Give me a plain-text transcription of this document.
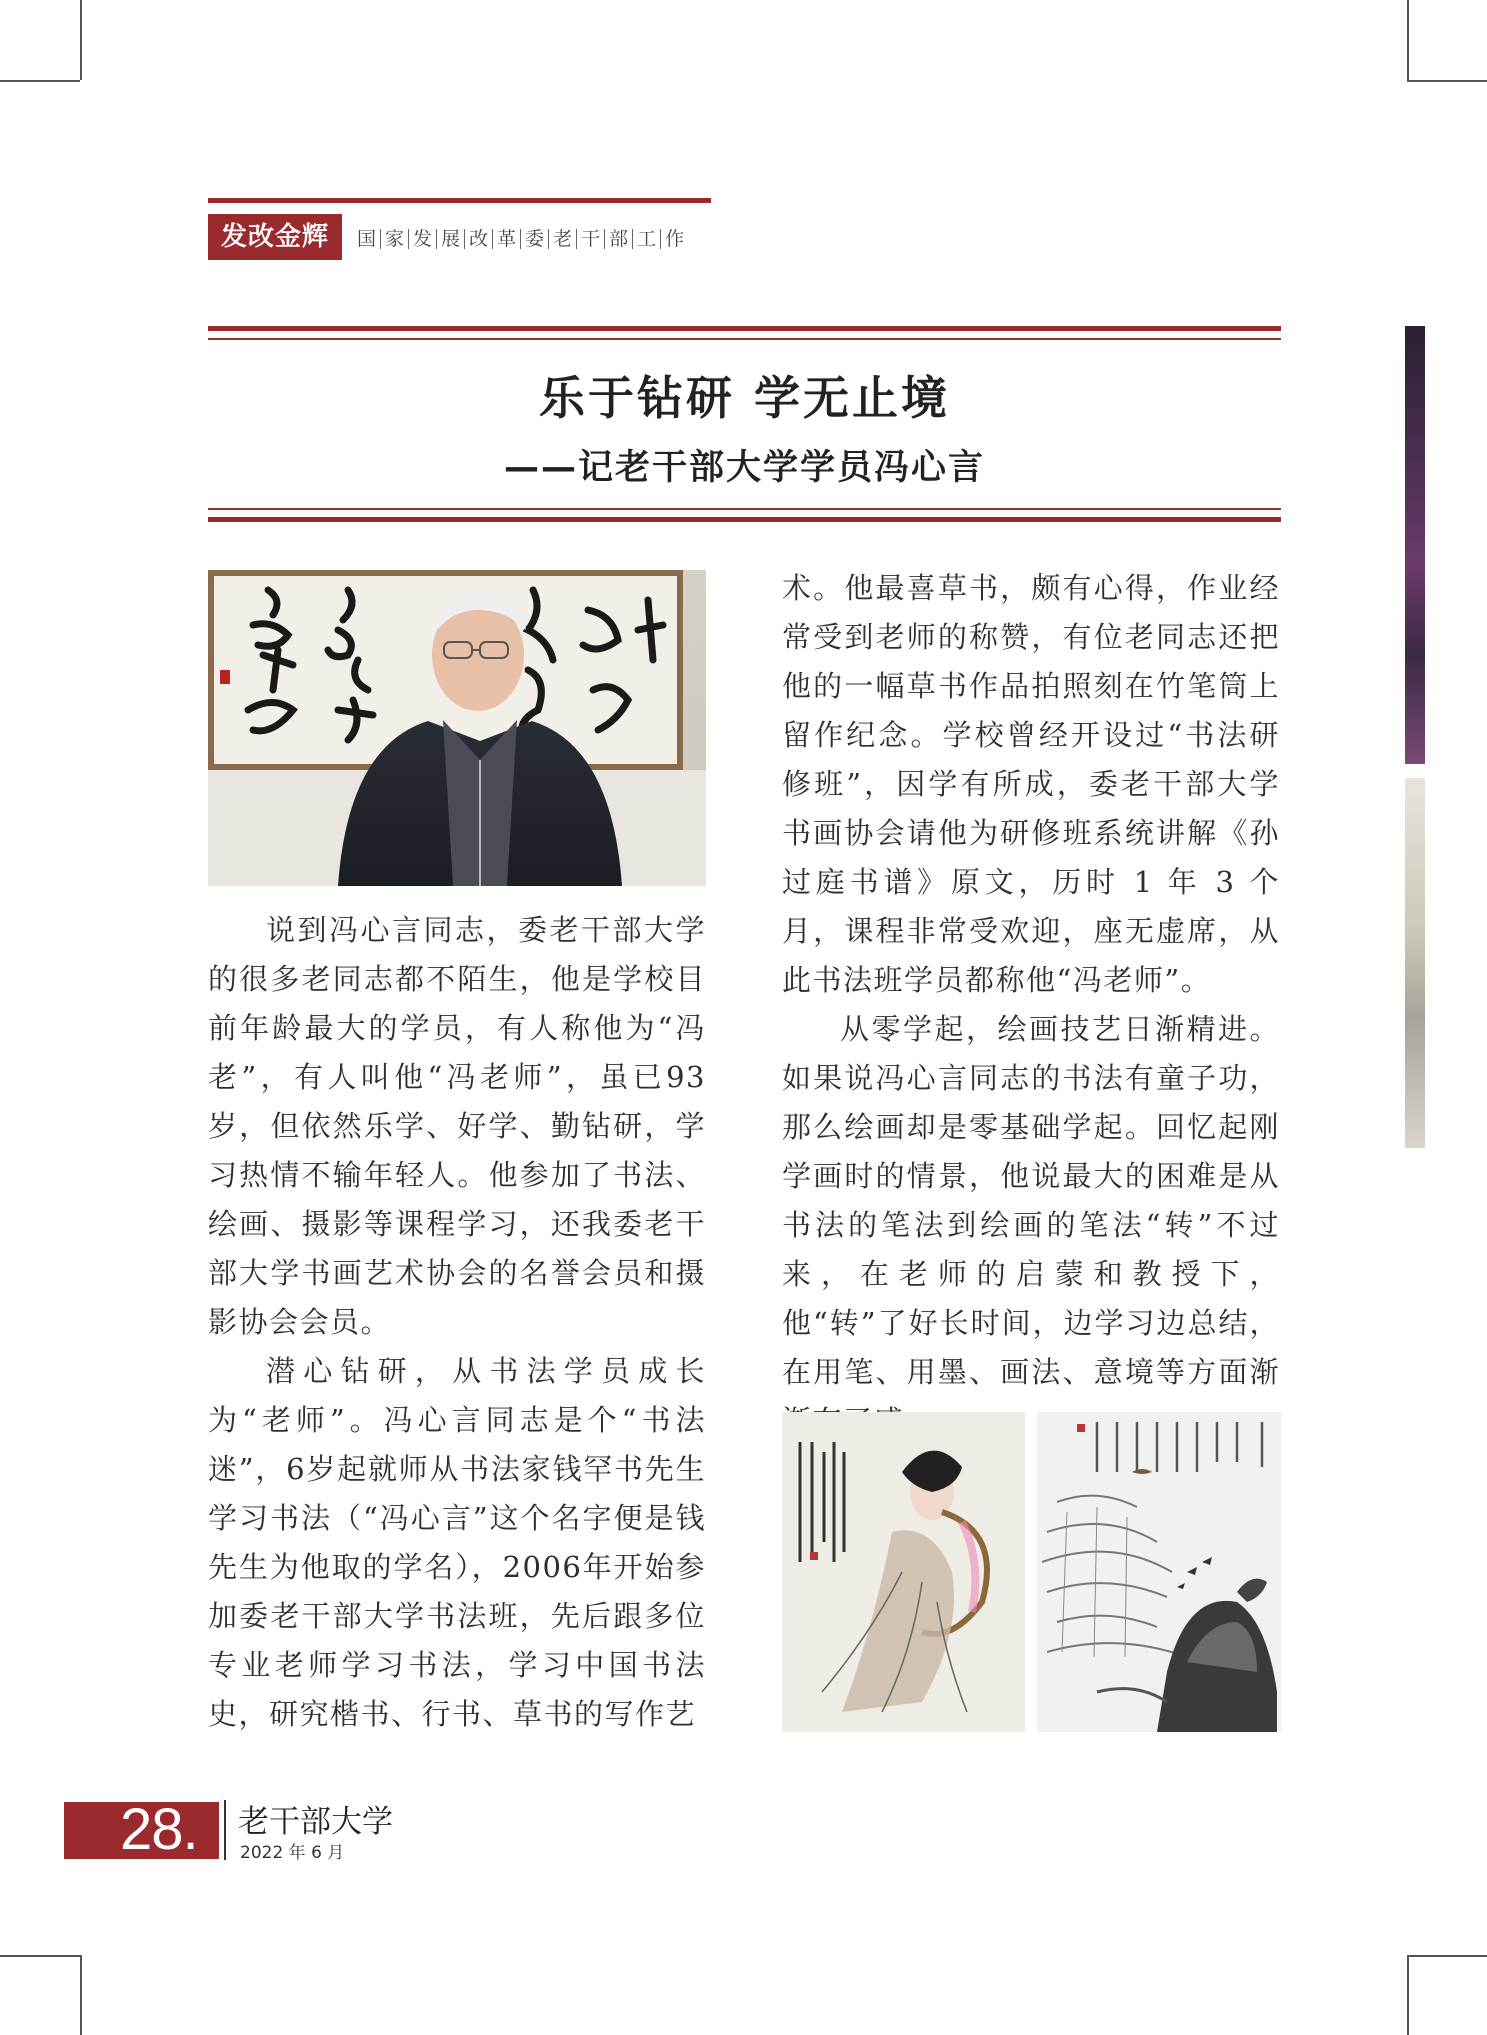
发改金辉	国 家 发 展 改 革 委 老 干 部 工 作
乐于钻研 学无止境
——记老干部大学学员冯心言

说到冯心言同志，委老干部大学的很多老同志都不陌生，他是学校目前年龄最大的学员，有人称他为“冯老”，有人叫他“冯老师”，虽已93岁，但依然乐学、好学、勤钻研，学习热情不输年轻人。他参加了书法、绘画、摄影等课程学习，还我委老干部大学书画艺术协会的名誉会员和摄影协会会员。

潜心钻研，从书法学员成长为“老师”。冯心言同志是个“书法迷”，6岁起就师从书法家钱罕书先生学习书法（“冯心言”这个名字便是钱先生为他取的学名），2006年开始参加委老干部大学书法班，先后跟多位专业老师学习书法，学习中国书法史，研究楷书、行书、草书的写作艺

术。他最喜草书，颇有心得，作业经常受到老师的称赞，有位老同志还把他的一幅草书作品拍照刻在竹笔筒上留作纪念。学校曾经开设过“书法研修班”，因学有所成，委老干部大学书画协会请他为研修班系统讲解《孙过庭书谱》原文，历时 1 年 3 个月，课程非常受欢迎，座无虚席，从此书法班学员都称他“冯老师”。

从零学起，绘画技艺日渐精进。如果说冯心言同志的书法有童子功，那么绘画却是零基础学起。回忆起刚学画时的情景，他说最大的困难是从书法的笔法到绘画的笔法“转”不过来，在老师的启蒙和教授下，他“转”了好长时间，边学习边总结，在用笔、用墨、画法、意境等方面渐

28. 老干部大学
2022 年 6 月
